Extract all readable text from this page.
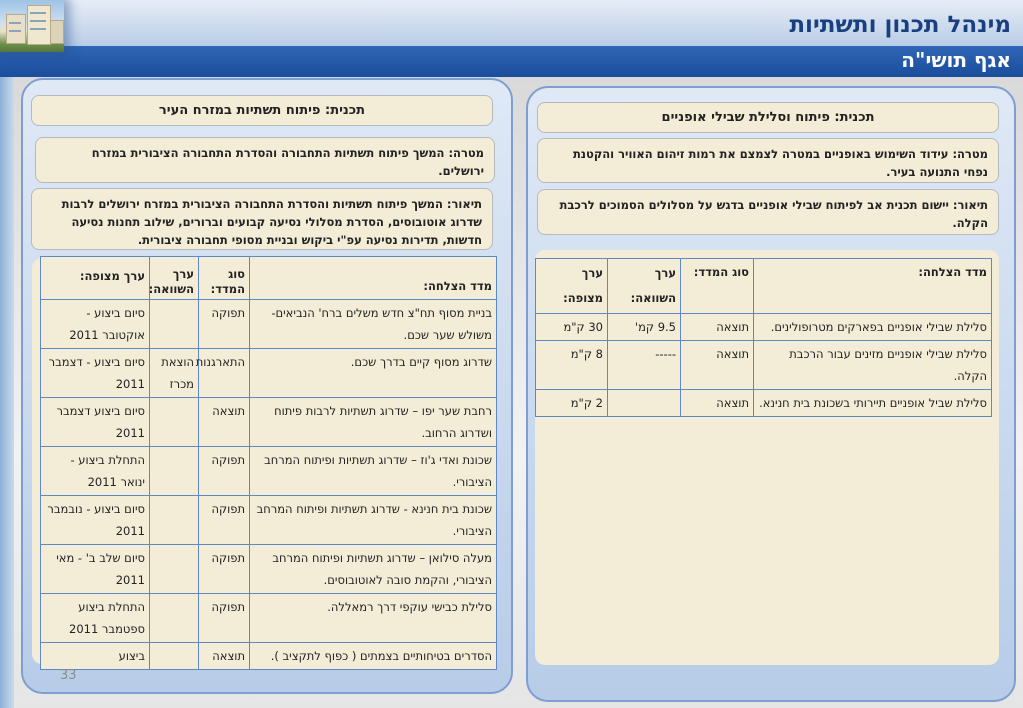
מינהל תכנון ותשתיות
אגף תושי"ה
תכנית: פיתוח תשתיות במזרח העיר
מטרה: המשך פיתוח תשתיות התחבורה והסדרת התחבורה הציבורית במזרח ירושלים.
תיאור: המשך פיתוח תשתיות והסדרת התחבורה הציבורית במזרח ירושלים לרבות שדרוג אוטובוסים, הסדרת מסלולי נסיעה קבועים וברורים, שילוב תחנות נסיעה חדשות, תדירות נסיעה עפ"י ביקוש ובניית מסופי תחבורה ציבורית.
מדד הצלחה:	סוג המדד:	ערך השוואה:	ערך מצופה:
בניית מסוף תח"צ חדש משלים ברח' הנביאים- משולש שער שכם.	תפוקה		סיום ביצוע - אוקטובר 2011
שדרוג מסוף קיים בדרך שכם.	התארגנות	הוצאת מכרז	סיום ביצוע - דצמבר 2011
רחבת שער יפו – שדרוג תשתיות לרבות פיתוח ושדרוג הרחוב.	תוצאה		סיום ביצוע דצמבר 2011
שכונת ואדי ג'וז – שדרוג תשתיות ופיתוח המרחב הציבורי.	תפוקה		התחלת ביצוע - ינואר 2011
שכונת בית חנינא - שדרוג תשתיות ופיתוח המרחב הציבורי.	תפוקה		סיום ביצוע - נובמבר 2011
מעלה סילואן – שדרוג תשתיות ופיתוח המרחב הציבורי, והקמת סובה לאוטובוסים.	תפוקה		סיום שלב ב' - מאי 2011
סלילת כבישי עוקפי דרך רמאללה.	תפוקה		התחלת ביצוע ספטמבר 2011
הסדרים בטיחותיים בצמתים ( כפוף לתקציב ).	תוצאה		ביצוע
33
תכנית: פיתוח וסלילת שבילי אופניים
מטרה: עידוד השימוש באופניים במטרה לצמצם את רמות זיהום האוויר והקטנת נפחי התנועה בעיר.
תיאור: יישום תכנית אב לפיתוח שבילי אופניים בדגש על מסלולים הסמוכים לרכבת הקלה.
מדד הצלחה:	סוג המדד:	ערך השוואה:	ערך מצופה:
סלילת שבילי אופניים בפארקים מטרופולינים.	תוצאה	9.5 קמ'	30 ק"מ
סלילת שבילי אופניים מזינים עבור הרכבת הקלה.	תוצאה	-----	8 ק"מ
סלילת שביל אופניים תיירותי בשכונת בית חנינא.	תוצאה		2 ק"מ
